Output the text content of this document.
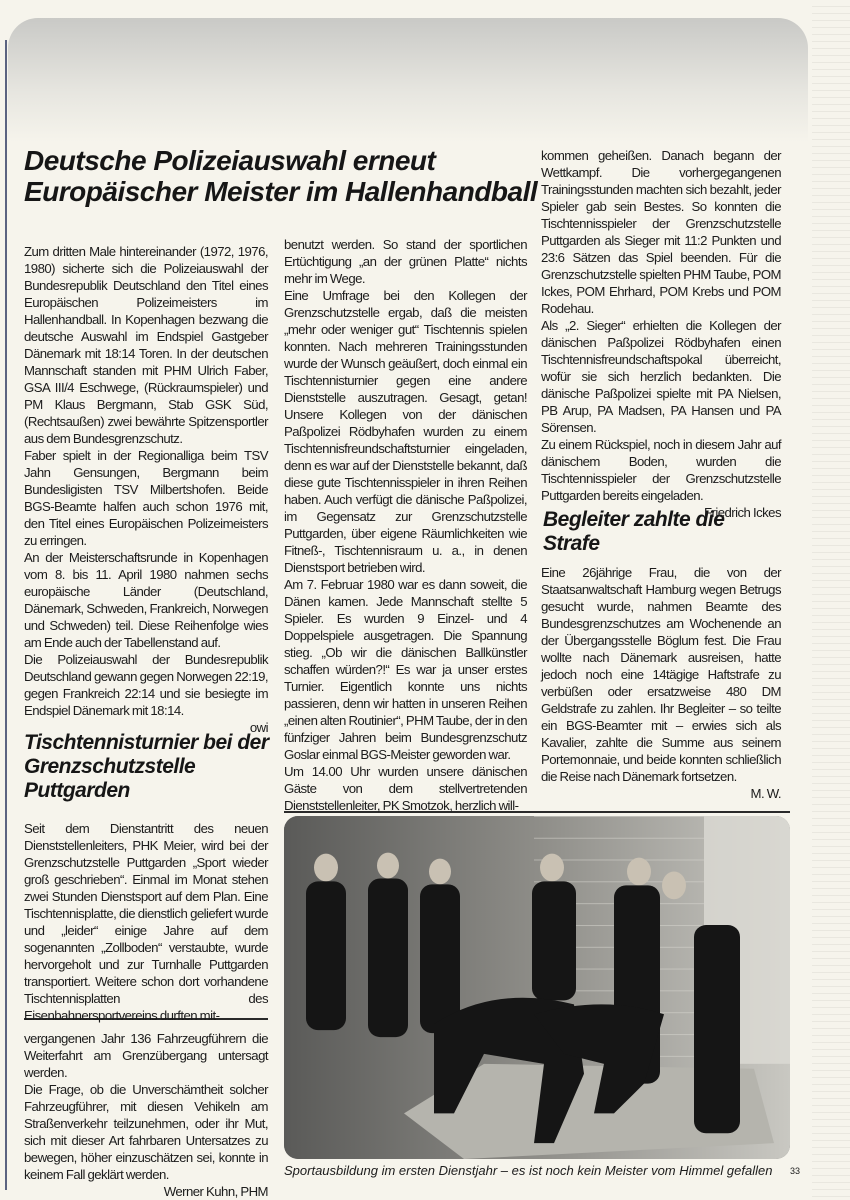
Deutsche Polizeiauswahl erneut Europäischer Meister im Hallenhandball

Zum dritten Male hintereinander (1972, 1976, 1980) sicherte sich die Polizeiauswahl der Bundesrepublik Deutschland den Titel eines Europäischen Polizeimeisters im Hallenhandball. In Kopenhagen bezwang die deutsche Auswahl im Endspiel Gastgeber Dänemark mit 18:14 Toren. In der deutschen Mannschaft standen mit PHM Ulrich Faber, GSA III/4 Eschwege, (Rückraumspieler) und PM Klaus Bergmann, Stab GSK Süd, (Rechtsaußen) zwei bewährte Spitzensportler aus dem Bundesgrenzschutz.

Faber spielt in der Regionalliga beim TSV Jahn Gensungen, Bergmann beim Bundesligisten TSV Milbertshofen. Beide BGS-Beamte halfen auch schon 1976 mit, den Titel eines Europäischen Polizeimeisters zu erringen.

An der Meisterschaftsrunde in Kopenhagen vom 8. bis 11. April 1980 nahmen sechs europäische Länder (Deutschland, Dänemark, Schweden, Frankreich, Norwegen und Schweden) teil. Diese Reihenfolge wies am Ende auch der Tabellenstand auf.

Die Polizeiauswahl der Bundesrepublik Deutschland gewann gegen Norwegen 22:19, gegen Frankreich 22:14 und sie besiegte im Endspiel Dänemark mit 18:14.

owi

Tischtennisturnier bei der Grenzschutzstelle Puttgarden

Seit dem Dienstantritt des neuen Dienststellenleiters, PHK Meier, wird bei der Grenzschutzstelle Puttgarden „Sport wieder groß geschrieben“. Einmal im Monat stehen zwei Stunden Dienstsport auf dem Plan. Eine Tischtennisplatte, die dienstlich geliefert wurde und „leider“ einige Jahre auf dem sogenannten „Zollboden“ verstaubte, wurde hervorgeholt und zur Turnhalle Puttgarden transportiert. Weitere schon dort vorhandene Tischtennisplatten des Eisenbahnersportvereins durften mit-

benutzt werden. So stand der sportlichen Ertüchtigung „an der grünen Platte“ nichts mehr im Wege.

Eine Umfrage bei den Kollegen der Grenzschutzstelle ergab, daß die meisten „mehr oder weniger gut“ Tischtennis spielen konnten. Nach mehreren Trainingsstunden wurde der Wunsch geäußert, doch einmal ein Tischtennisturnier gegen eine andere Dienststelle auszutragen. Gesagt, getan! Unsere Kollegen von der dänischen Paßpolizei Rödbyhafen wurden zu einem Tischtennisfreundschaftsturnier eingeladen, denn es war auf der Dienststelle bekannt, daß diese gute Tischtennisspieler in ihren Reihen haben. Auch verfügt die dänische Paßpolizei, im Gegensatz zur Grenzschutzstelle Puttgarden, über eigene Räumlichkeiten wie Fitneß-, Tischtennisraum u. a., in denen Dienstsport betrieben wird.

Am 7. Februar 1980 war es dann soweit, die Dänen kamen. Jede Mannschaft stellte 5 Spieler. Es wurden 9 Einzel- und 4 Doppelspiele ausgetragen. Die Spannung stieg. „Ob wir die dänischen Ballkünstler schaffen würden?!“ Es war ja unser erstes Turnier. Eigentlich konnte uns nichts passieren, denn wir hatten in unseren Reihen „einen alten Routinier“, PHM Taube, der in den fünfziger Jahren beim Bundesgrenzschutz Goslar einmal BGS-Meister geworden war.

Um 14.00 Uhr wurden unsere dänischen Gäste von dem stellvertretenden Dienststellenleiter, PK Smotzok, herzlich will-

kommen geheißen. Danach begann der Wettkampf. Die vorhergegangenen Trainingsstunden machten sich bezahlt, jeder Spieler gab sein Bestes. So konnten die Tischtennisspieler der Grenzschutzstelle Puttgarden als Sieger mit 11:2 Punkten und 23:6 Sätzen das Spiel beenden. Für die Grenzschutzstelle spielten PHM Taube, POM Ickes, POM Ehrhard, POM Krebs und POM Rodehau.

Als „2. Sieger“ erhielten die Kollegen der dänischen Paßpolizei Rödbyhafen einen Tischtennisfreundschaftspokal überreicht, wofür sie sich herzlich bedankten. Die dänische Paßpolizei spielte mit PA Nielsen, PB Arup, PA Madsen, PA Hansen und PA Sörensen.

Zu einem Rückspiel, noch in diesem Jahr auf dänischem Boden, wurden die Tischtennisspieler der Grenzschutzstelle Puttgarden bereits eingeladen.

Friedrich Ickes

Begleiter zahlte die Strafe

Eine 26jährige Frau, die von der Staatsanwaltschaft Hamburg wegen Betrugs gesucht wurde, nahmen Beamte des Bundesgrenzschutzes am Wochenende an der Übergangsstelle Böglum fest. Die Frau wollte nach Dänemark ausreisen, hatte jedoch noch eine 14tägige Haftstrafe zu verbüßen oder ersatzweise 480 DM Geldstrafe zu zahlen. Ihr Begleiter – so teilte ein BGS-Beamter mit – erwies sich als Kavalier, zahlte die Summe aus seinem Portemonnaie, und beide konnten schließlich die Reise nach Dänemark fortsetzen.

M. W.

vergangenen Jahr 136 Fahrzeugführern die Weiterfahrt am Grenzübergang untersagt werden.

Die Frage, ob die Unverschämtheit solcher Fahrzeugführer, mit diesen Vehikeln am Straßenverkehr teilzunehmen, oder ihr Mut, sich mit dieser Art fahrbaren Untersatzes zu bewegen, höher einzuschätzen sei, konnte in keinem Fall geklärt werden.

Werner Kuhn, PHM

Sportausbildung im ersten Dienstjahr – es ist noch kein Meister vom Himmel gefallen 33
